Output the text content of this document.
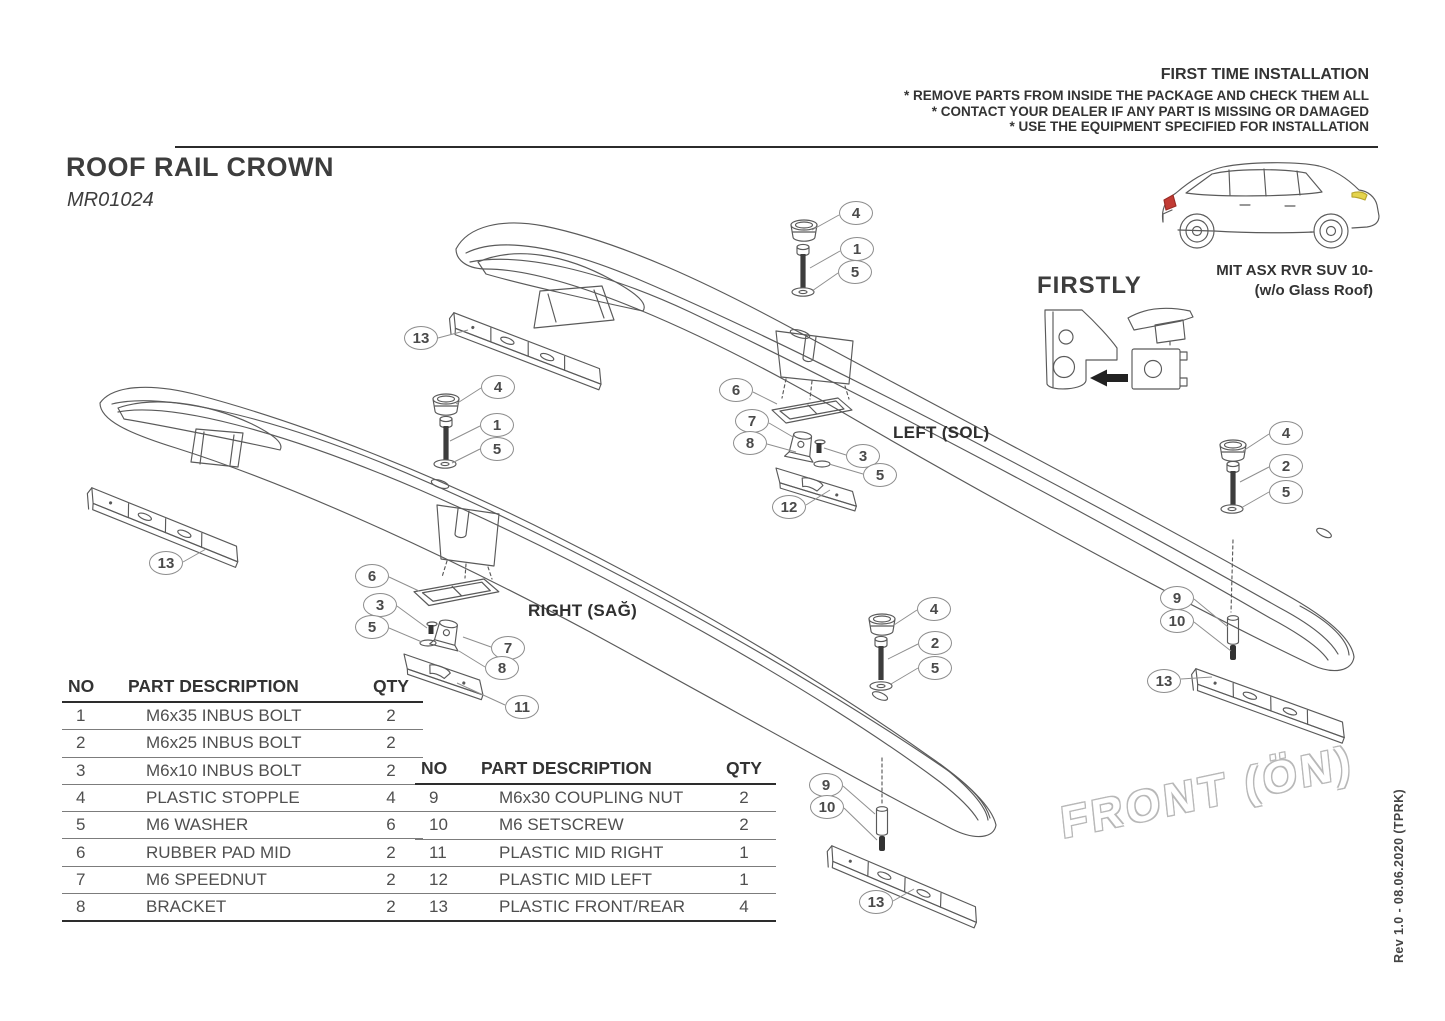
FIRST TIME INSTALLATION
* REMOVE PARTS FROM INSIDE THE PACKAGE AND CHECK THEM ALL
* CONTACT YOUR DEALER IF ANY PART IS MISSING OR DAMAGED
* USE THE EQUIPMENT SPECIFIED FOR INSTALLATION
ROOF RAIL CROWN
MR01024
MIT ASX RVR SUV 10-
(w/o Glass Roof)
FIRSTLY
LEFT (SOL)
RIGHT (SAĞ)
FRONT (ÖN)
4
1
5
13
6
7
8
3
5
12
4
2
5
9
10
13
4
1
5
13
6
3
5
7
8
11
4
2
5
9
10
13
NO	PART DESCRIPTION	QTY
1	M6x35 INBUS BOLT	2
2	M6x25 INBUS BOLT	2
3	M6x10 INBUS BOLT	2
4	PLASTIC STOPPLE	4
5	M6 WASHER	6
6	RUBBER PAD MID	2
7	M6 SPEEDNUT	2
8	BRACKET	2
NO	PART DESCRIPTION	QTY
9	M6x30 COUPLING NUT	2
10	M6 SETSCREW	2
11	PLASTIC MID RIGHT	1
12	PLASTIC MID LEFT	1
13	PLASTIC FRONT/REAR	4	Rev 1.0 - 08.06.2020 (TPRK)
